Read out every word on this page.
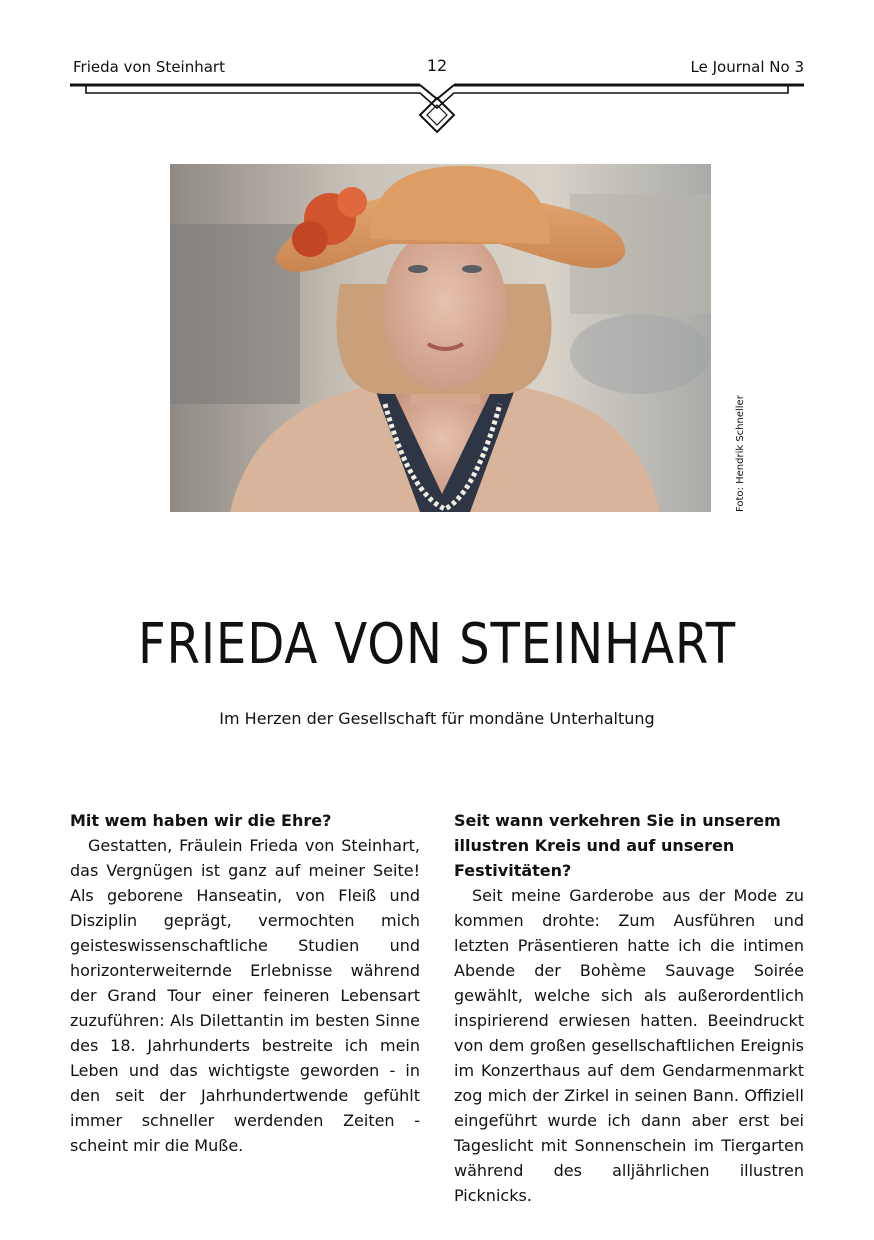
Frieda von Steinhart	12	Le Journal No 3
Foto: Hendrik Schneller
FRIEDA VON STEINHART
Im Herzen der Gesellschaft für mondäne Unterhaltung

Mit wem haben wir die Ehre?

Gestatten, Fräulein Frieda von Steinhart, das Vergnügen ist ganz auf meiner Seite! Als geborene Hanseatin, von Fleiß und Disziplin geprägt, vermochten mich geisteswissenschaftliche Studien und horizonterweiternde Erlebnisse während der Grand Tour einer feineren Lebensart zuzuführen: Als Dilettantin im besten Sinne des 18. Jahrhunderts bestreite ich mein Leben und das wichtigste geworden - in den seit der Jahrhundertwende gefühlt immer schneller werdenden Zeiten - scheint mir die Muße.

Seit wann verkehren Sie in unserem illustren Kreis und auf unseren Festivitäten?

Seit meine Garderobe aus der Mode zu kommen drohte: Zum Ausführen und letzten Präsentieren hatte ich die intimen Abende der Bohème Sauvage Soirée gewählt, welche sich als außerordentlich inspirierend erwiesen hatten. Beeindruckt von dem großen gesellschaftlichen Ereignis im Konzerthaus auf dem Gendarmenmarkt zog mich der Zirkel in seinen Bann. Offiziell eingeführt wurde ich dann aber erst bei Tageslicht mit Sonnenschein im Tiergarten während des alljährlichen illustren Picknicks.
